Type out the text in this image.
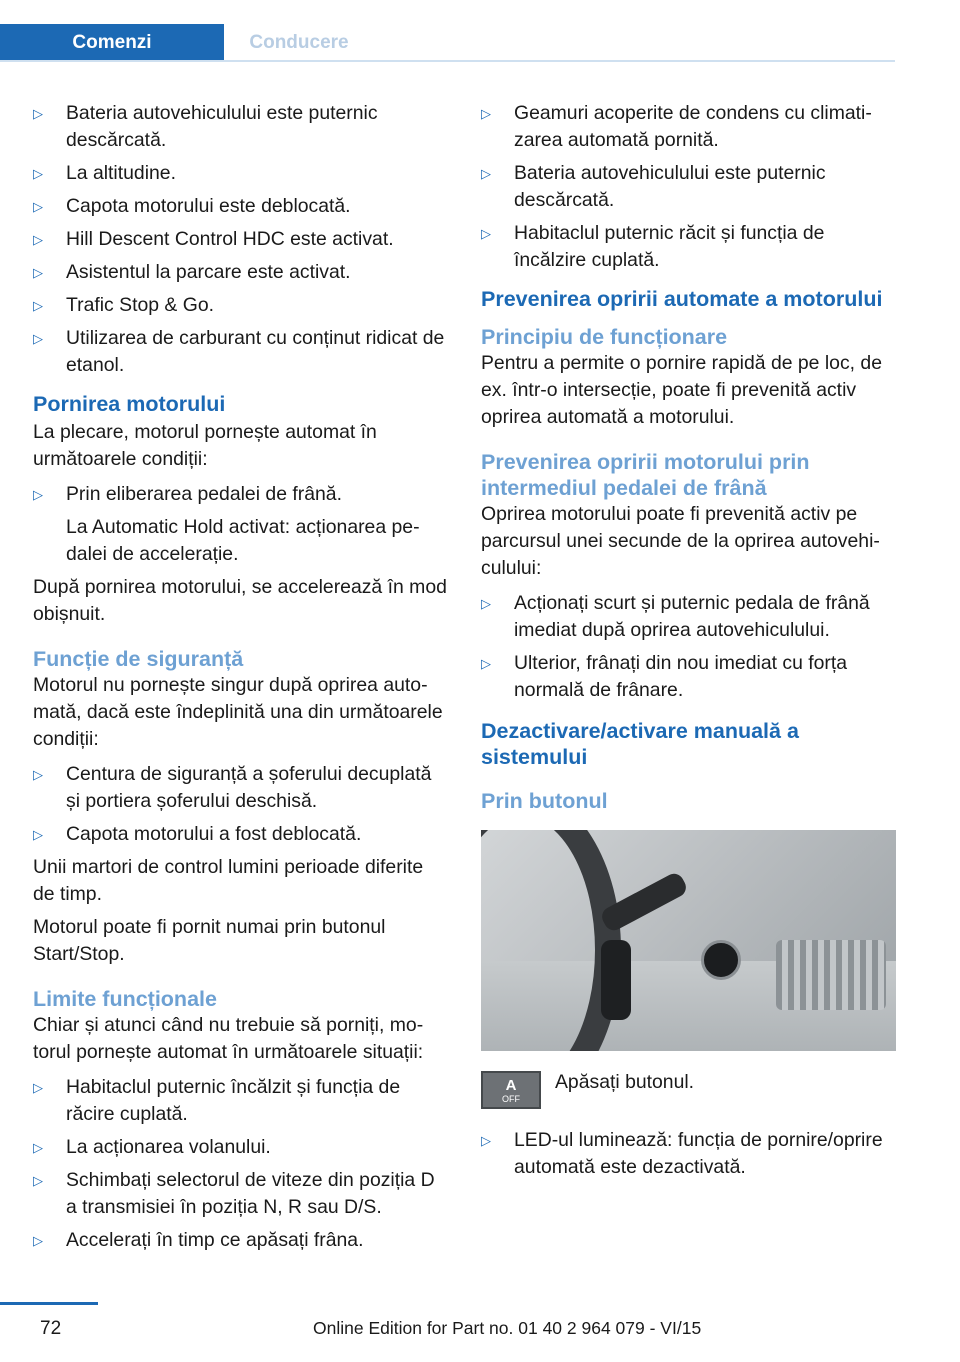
Comenzi	Conducere
▷ Bateria autovehiculului este puternic descărcată.

▷ La altitudine.

▷ Capota motorului este deblocată.

▷ Hill Descent Control HDC este activat.

▷ Asistentul la parcare este activat.

▷ Trafic Stop & Go.

▷ Utilizarea de carburant cu conținut ridicat de etanol.

Pornirea motorului

La plecare, motorul pornește automat în următoarele condiții:

▷ Prin eliberarea pedalei de frână.

La Automatic Hold activat: acționarea pedalei de accelerație.

După pornirea motorului, se accelerează în mod obișnuit.

Funcție de siguranță

Motorul nu pornește singur după oprirea automată, dacă este îndeplinită una din următoarele condiții:

▷ Centura de siguranță a șoferului decuplată și portiera șoferului deschisă.

▷ Capota motorului a fost deblocată.

Unii martori de control lumini perioade diferite de timp.

Motorul poate fi pornit numai prin butonul Start/Stop.

Limite funcționale

Chiar și atunci când nu trebuie să porniți, motorul pornește automat în următoarele situații:

▷ Habitaclul puternic încălzit și funcția de răcire cuplată.

▷ La acționarea volanului.

▷ Schimbați selectorul de viteze din poziția D a transmisiei în poziția N, R sau D/S.

▷ Accelerați în timp ce apăsați frâna.

▷ Geamuri acoperite de condens cu climatizarea automată pornită.

▷ Bateria autovehiculului este puternic descărcată.

▷ Habitaclul puternic răcit și funcția de încălzire cuplată.

Prevenirea opririi automate a motorului
Principiu de funcționare

Pentru a permite o pornire rapidă de pe loc, de ex. într-o intersecție, poate fi prevenită activ oprirea automată a motorului.

Prevenirea opririi motorului prin intermediul pedalei de frână

Oprirea motorului poate fi prevenită activ pe parcursul unei secunde de la oprirea autovehiculului:

▷ Acționați scurt și puternic pedala de frână imediat după oprirea autovehiculului.

▷ Ulterior, frânați din nou imediat cu forța normală de frânare.

Dezactivare/activare manuală a sistemului
Prin butonul
A
OFF

Apăsați butonul.

▷ LED-ul luminează: funcția de pornire/oprire automată este dezactivată.

72	Online Edition for Part no. 01 40 2 964 079 - VI/15
